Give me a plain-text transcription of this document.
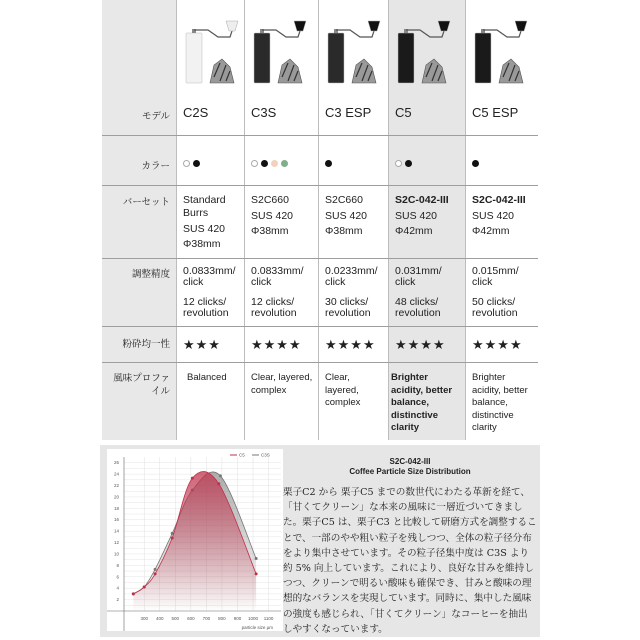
モデル
カラー
バーセット
調整精度
粉砕均一性
風味プロファイル
C2S
Standard Burrs
SUS 420
Φ38mm
0.0833mm/ click
12 clicks/ revolution
★★★
Balanced
C3S
S2C660
SUS 420
Φ38mm
0.0833mm/ click
12 clicks/ revolution
★★★★
Clear, layered, complex
C3 ESP
S2C660
SUS 420
Φ38mm
0.0233mm/ click
30 clicks/ revolution
★★★★
Clear, layered, complex
C5
S2C-042-III
SUS 420
Φ42mm
0.031mm/ click
48 clicks/ revolution
★★★★
Brighter acidity, better balance, distinctive clarity
C5 ESP
S2C-042-III
SUS 420
Φ42mm
0.015mm/ click
50 clicks/ revolution
★★★★
Brighter acidity, better balance, distinctive clarity
300 400 500 600 700 800 900 1000 1100
2
4
6
8
10
12
14
16
18
20
22
24
26
particle size µm
C5	C3S
S2C-042-III
Coffee Particle Size Distribution
栗子C2 から 栗子C5 までの数世代にわたる革新を経て、「甘くてクリーン」な本来の風味に一層近づいてきました。栗子C5 は、栗子C3 と比較して研磨方式を調整することで、一部のやや粗い粒子を残しつつ、全体の粒子径分布をより集中させています。その粒子径集中度は C3S より約 5% 向上しています。これにより、良好な甘みを維持しつつ、クリーンで明るい酸味も確保でき、甘みと酸味の理想的なバランスを実現しています。同時に、集中した風味の強度も感じられ、「甘くてクリーン」なコーヒーを抽出しやすくなっています。
